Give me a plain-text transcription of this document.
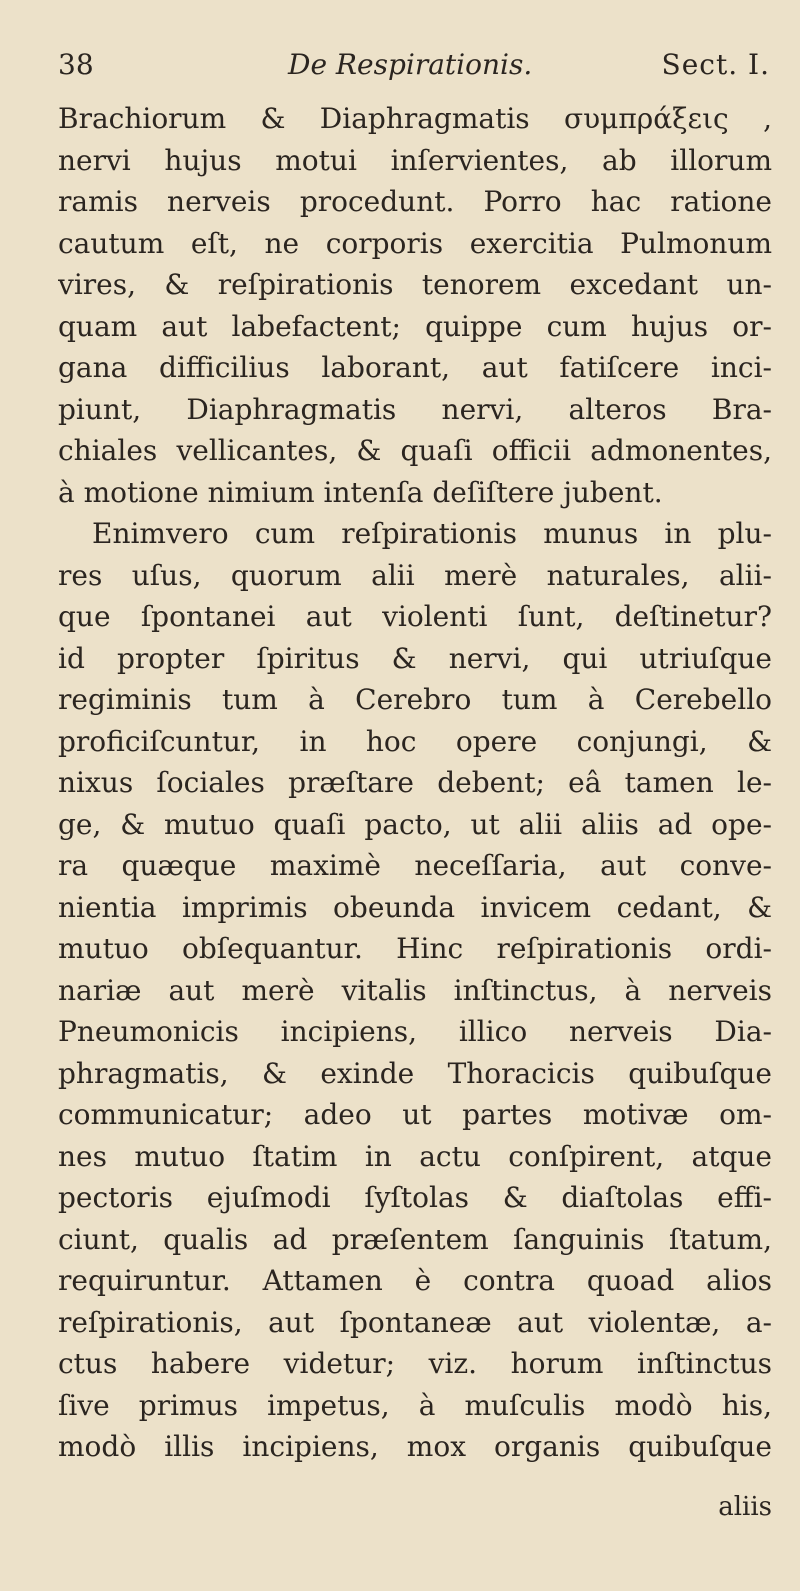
38	De Respirationis.	Sect. I.
Brachiorum & Diaphragmatis συμπράξεις ,
nervi hujus motui inſervientes, ab illorum
ramis nerveis procedunt. Porro hac ratione
cautum eſt, ne corporis exercitia Pulmonum
vires, & reſpirationis tenorem excedant un-
quam aut labefactent; quippe cum hujus or-
gana difficilius laborant, aut fatiſcere inci-
piunt, Diaphragmatis nervi, alteros Bra-
chiales vellicantes, & quaſi officii admonentes,
à motione nimium intenſa deſiſtere jubent.
Enimvero cum reſpirationis munus in plu-
res uſus, quorum alii merè naturales, alii-
que ſpontanei aut violenti ſunt, deſtinetur?
id propter ſpiritus & nervi, qui utriuſque
regiminis tum à Cerebro tum à Cerebello
proficiſcuntur, in hoc opere conjungi, &
nixus ſociales præſtare debent; eâ tamen le-
ge, & mutuo quaſi pacto, ut alii aliis ad ope-
ra quæque maximè neceſſaria, aut conve-
nientia imprimis obeunda invicem cedant, &
mutuo obſequantur. Hinc reſpirationis ordi-
nariæ aut merè vitalis inſtinctus, à nerveis
Pneumonicis incipiens, illico nerveis Dia-
phragmatis, & exinde Thoracicis quibuſque
communicatur; adeo ut partes motivæ om-
nes mutuo ſtatim in actu conſpirent, atque
pectoris ejuſmodi ſyſtolas & diaſtolas effi-
ciunt, qualis ad præſentem ſanguinis ſtatum,
requiruntur. Attamen è contra quoad alios
reſpirationis, aut ſpontaneæ aut violentæ, a-
ctus habere videtur; viz. horum inſtinctus
ſive primus impetus, à muſculis modò his,
modò illis incipiens, mox organis quibuſque
aliis
